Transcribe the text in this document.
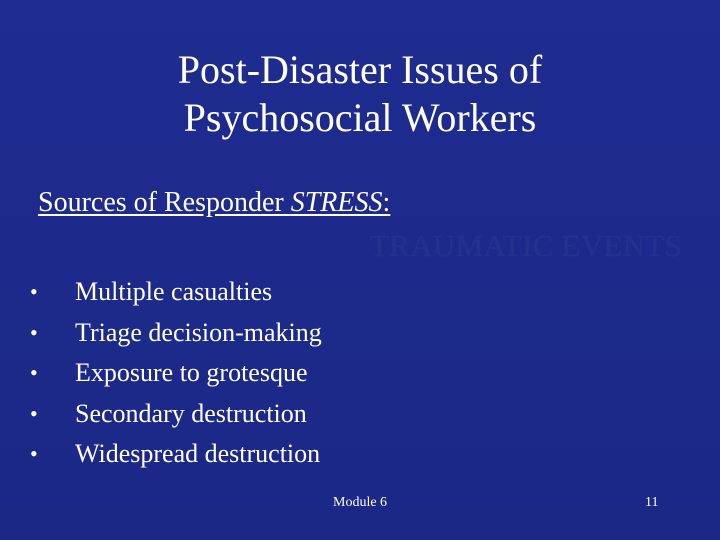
Post-Disaster Issues of
Psychosocial Workers
Sources of Responder STRESS:
TRAUMATIC EVENTS
•	Multiple casualties
•	Triage decision-making
•	Exposure to grotesque
•	Secondary destruction
•	Widespread destruction
Module 6	11
